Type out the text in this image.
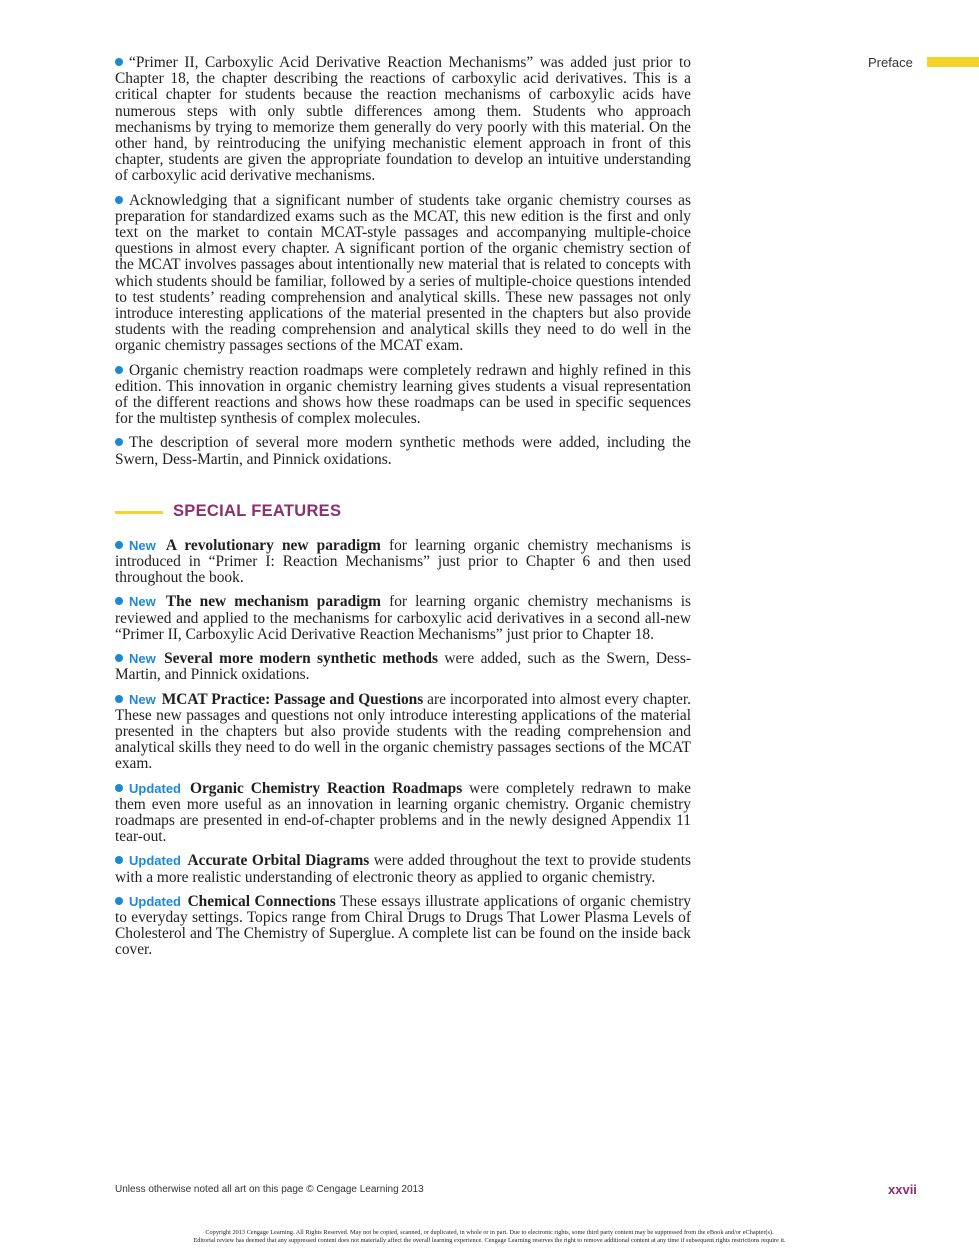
Preface

“Primer II, Carboxylic Acid Derivative Reaction Mechanisms” was added just prior to Chapter 18, the chapter describing the reactions of carboxylic acid derivatives. This is a critical chapter for students because the reaction mechanisms of carboxylic acids have numerous steps with only subtle differences among them. Students who approach mechanisms by trying to memorize them generally do very poorly with this material. On the other hand, by reintroducing the unifying mechanistic element approach in front of this chapter, students are given the appropriate foundation to develop an intuitive understanding of carboxylic acid derivative mechanisms.

Acknowledging that a significant number of students take organic chemistry courses as preparation for standardized exams such as the MCAT, this new edition is the first and only text on the market to contain MCAT-style passages and accompanying multiple-choice questions in almost every chapter. A significant portion of the organic chemistry section of the MCAT involves passages about intentionally new material that is related to concepts with which students should be familiar, followed by a series of multiple-choice questions intended to test students’ reading comprehension and analytical skills. These new passages not only introduce interesting applications of the material presented in the chapters but also provide students with the reading comprehension and analytical skills they need to do well in the organic chemistry passages sections of the MCAT exam.

Organic chemistry reaction roadmaps were completely redrawn and highly refined in this edition. This innovation in organic chemistry learning gives students a visual representation of the different reactions and shows how these roadmaps can be used in specific sequences for the multistep synthesis of complex molecules.

The description of several more modern synthetic methods were added, including the Swern, Dess-Martin, and Pinnick oxidations.

SPECIAL FEATURES

New A revolutionary new paradigm for learning organic chemistry mechanisms is introduced in “Primer I: Reaction Mechanisms” just prior to Chapter 6 and then used throughout the book.

New The new mechanism paradigm for learning organic chemistry mechanisms is reviewed and applied to the mechanisms for carboxylic acid derivatives in a second all-new “Primer II, Carboxylic Acid Derivative Reaction Mechanisms” just prior to Chapter 18.

New Several more modern synthetic methods were added, such as the Swern, Dess-Martin, and Pinnick oxidations.

New MCAT Practice: Passage and Questions are incorporated into almost every chapter. These new passages and questions not only introduce interesting applications of the material presented in the chapters but also provide students with the reading comprehension and analytical skills they need to do well in the organic chemistry passages sections of the MCAT exam.

Updated Organic Chemistry Reaction Roadmaps were completely redrawn to make them even more useful as an innovation in learning organic chemistry. Organic chemistry roadmaps are presented in end-of-chapter problems and in the newly designed Appendix 11 tear-out.

Updated Accurate Orbital Diagrams were added throughout the text to provide students with a more realistic understanding of electronic theory as applied to organic chemistry.

Updated Chemical Connections These essays illustrate applications of organic chemistry to everyday settings. Topics range from Chiral Drugs to Drugs That Lower Plasma Levels of Cholesterol and The Chemistry of Superglue. A complete list can be found on the inside back cover.

Unless otherwise noted all art on this page © Cengage Learning 2013	xxvii
Copyright 2013 Cengage Learning. All Rights Reserved. May not be copied, scanned, or duplicated, in whole or in part. Due to electronic rights, some third party content may be suppressed from the eBook and/or eChapter(s).
Editorial review has deemed that any suppressed content does not materially affect the overall learning experience. Cengage Learning reserves the right to remove additional content at any time if subsequent rights restrictions require it.
